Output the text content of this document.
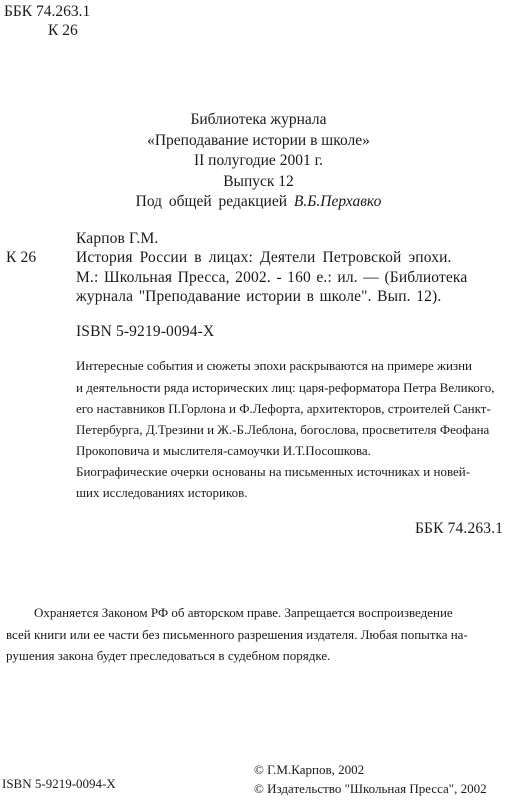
ББК 74.263.1
К 26
Библиотека журнала
«Преподавание истории в школе»
II полугодие 2001 г.
Выпуск 12
Под общей редакцией В.Б.Перхавко
Карпов Г.М.
К 26	История России в лицах: Деятели Петровской эпохи.
М.: Школьная Пресса, 2002. - 160 е.: ил. — (Библиотека
журнала "Преподавание истории в школе". Вып. 12).
ISBN 5-9219-0094-X
Интересные события и сюжеты эпохи раскрываются на примере жизни
и деятельности ряда исторических лиц: царя-реформатора Петра Великого,
его наставников П.Горлона и Ф.Лефорта, архитекторов, строителей Санкт-
Петербурга, Д.Трезини и Ж.-Б.Леблона, богослова, просветителя Феофана
Прокоповича и мыслителя-самоучки И.Т.Посошкова.
Биографические очерки основаны на письменных источниках и новей-
ших исследованиях историков.
ББК 74.263.1
Охраняется Законом РФ об авторском праве. Запрещается воспроизведение
всей книги или ее части без письменного разрешения издателя. Любая попытка на-
рушения закона будет преследоваться в судебном порядке.
ISBN 5-9219-0094-X
© Г.М.Карпов, 2002
© Издательство "Школьная Пресса", 2002
